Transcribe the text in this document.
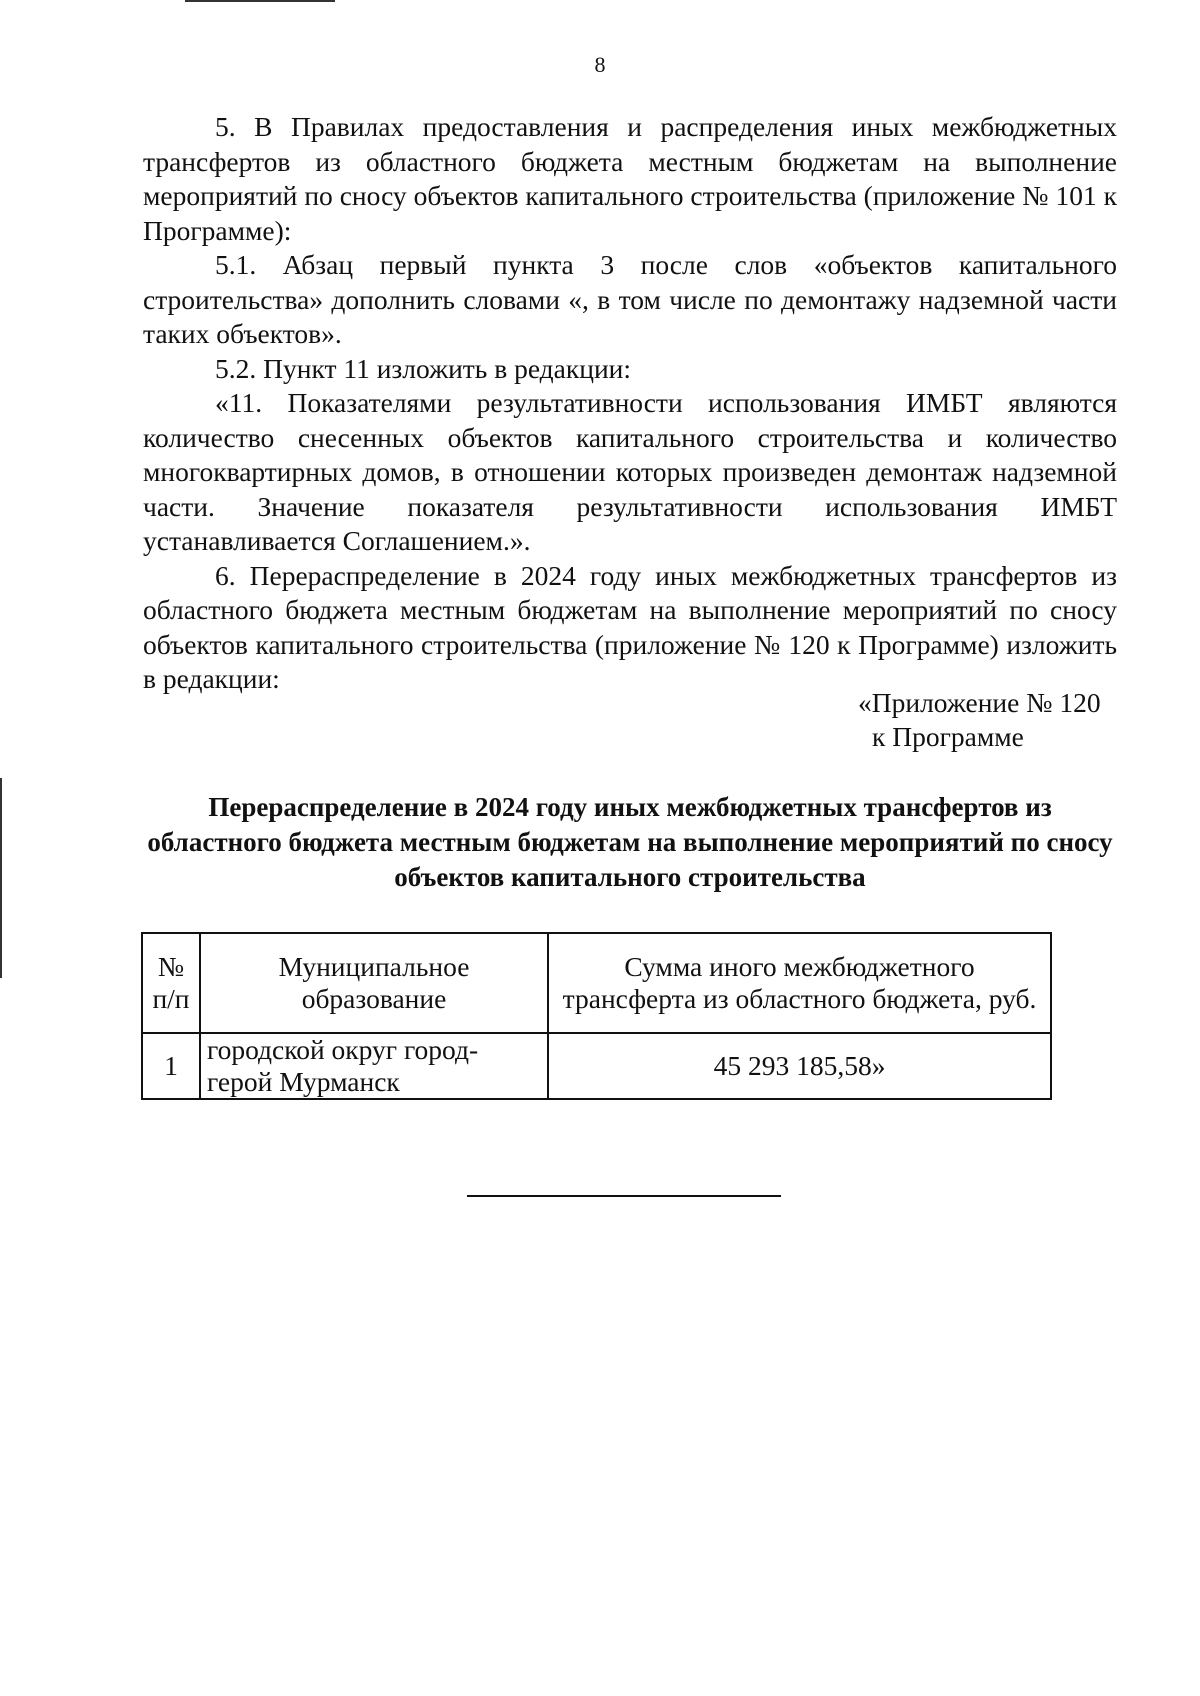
8

5. В Правилах предоставления и распределения иных межбюджетных трансфертов из областного бюджета местным бюджетам на выполнение мероприятий по сносу объектов капитального строительства (приложение № 101 к Программе):

5.1. Абзац первый пункта 3 после слов «объектов капитального строительства» дополнить словами «, в том числе по демонтажу надземной части таких объектов».

5.2. Пункт 11 изложить в редакции:

«11. Показателями результативности использования ИМБТ являются количество снесенных объектов капитального строительства и количество многоквартирных домов, в отношении которых произведен демонтаж надземной части. Значение показателя результативности использования ИМБТ устанавливается Соглашением.».

6. Перераспределение в 2024 году иных межбюджетных трансфертов из областного бюджета местным бюджетам на выполнение мероприятий по сносу объектов капитального строительства (приложение № 120 к Программе) изложить в редакции:

«Приложение № 120
к Программе
Перераспределение в 2024 году иных межбюджетных трансфертов из областного бюджета местным бюджетам на выполнение мероприятий по сносу объектов капитального строительства
№ п/п	Муниципальное образование	Сумма иного межбюджетного трансферта из областного бюджета, руб.
1	городской округ город-герой Мурманск	45 293 185,58»
